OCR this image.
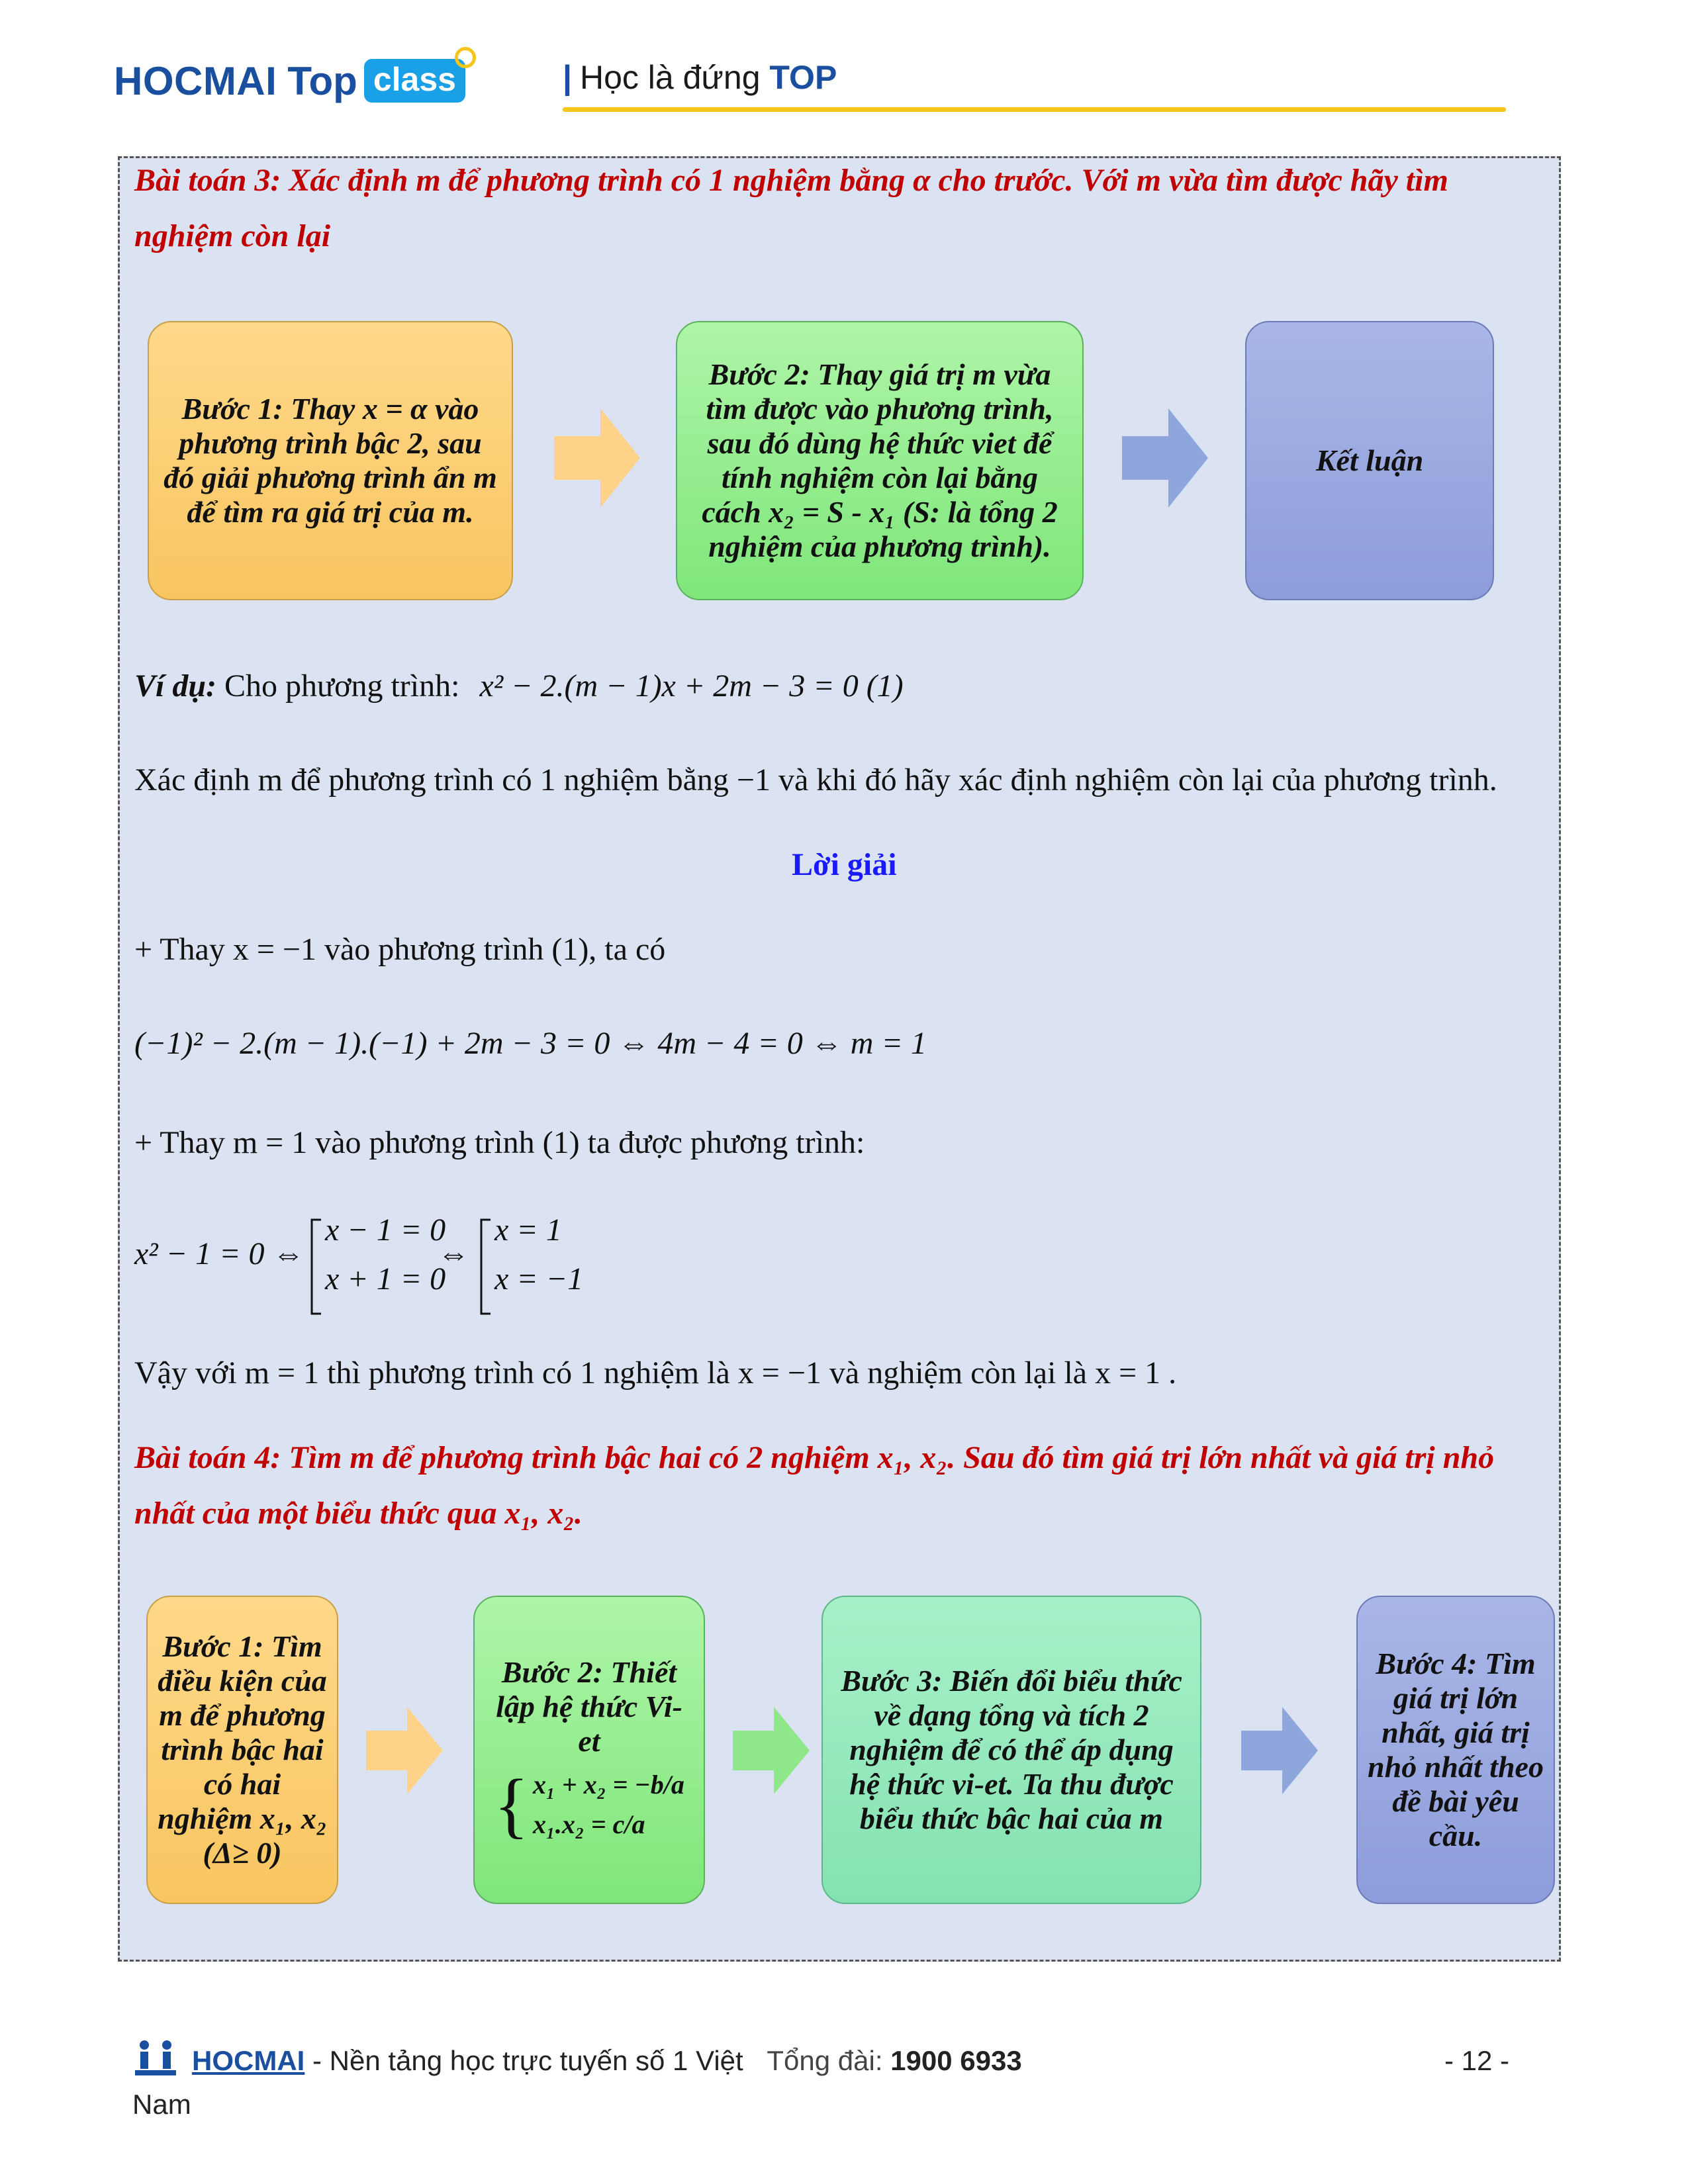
HOCMAI Top class	| Học là đứng TOP
Bài toán 3: Xác định m để phương trình có 1 nghiệm bằng α cho trước. Với m vừa tìm được hãy tìm
nghiệm còn lại
Bước 1: Thay x = α vào phương trình bậc 2, sau đó giải phương trình ẩn m để tìm ra giá trị của m.
Bước 2: Thay giá trị m vừa tìm được vào phương trình, sau đó dùng hệ thức viet để tính nghiệm còn lại bằng cách x₂ = S - x₁ (S: là tổng 2 nghiệm của phương trình).
Kết luận
Ví dụ: Cho phương trình: x² − 2.(m − 1)x + 2m − 3 = 0 (1)
Xác định m để phương trình có 1 nghiệm bằng −1 và khi đó hãy xác định nghiệm còn lại của phương trình.
Lời giải
+ Thay x = −1 vào phương trình (1), ta có
(−1)² − 2.(m − 1).(−1) + 2m − 3 = 0 ⇔ 4m − 4 = 0 ⇔ m = 1
+ Thay m = 1 vào phương trình (1) ta được phương trình:
x² − 1 = 0 ⇔
x − 1 = 0
x + 1 = 0
⇔
x = 1
x = −1
Vậy với m = 1 thì phương trình có 1 nghiệm là x = −1 và nghiệm còn lại là x = 1 .
Bài toán 4: Tìm m để phương trình bậc hai có 2 nghiệm x₁, x₂. Sau đó tìm giá trị lớn nhất và giá trị nhỏ
nhất của một biểu thức qua x₁, x₂.
Bước 1: Tìm điều kiện của m để phương trình bậc hai có hai nghiệm x₁, x₂ (Δ≥ 0)
Bước 2: Thiết lập hệ thức Vi-et
{ x₁ + x₂ = −b/a
x₁.x₂ = c/a
Bước 3: Biến đổi biểu thức về dạng tổng và tích 2 nghiệm để có thể áp dụng hệ thức vi-et. Ta thu được biểu thức bậc hai của m
Bước 4: Tìm giá trị lớn nhất, giá trị nhỏ nhất theo đề bài yêu cầu.
HOCMAI - Nền tảng học trực tuyến số 1 Việt Tổng đài: 1900 6933	- 12 -
Nam
